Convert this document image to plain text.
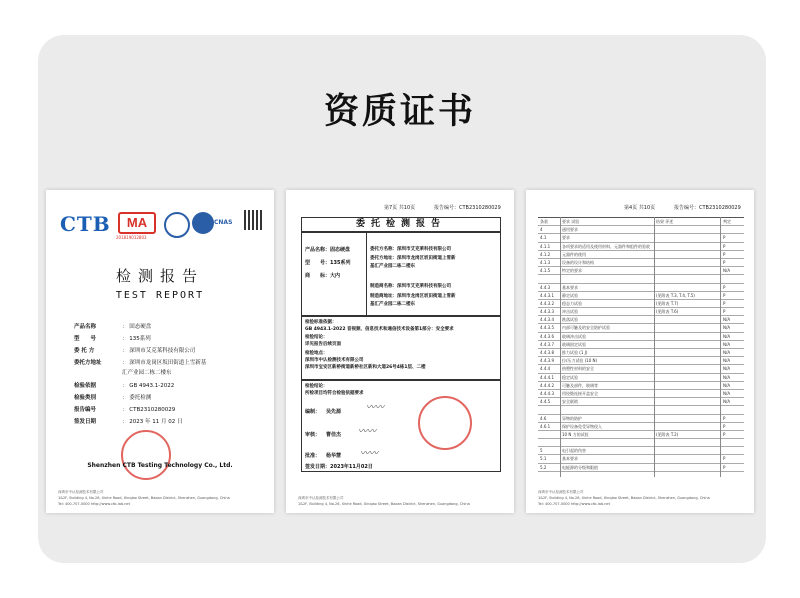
资质证书
CTB	MA
201819012803
CNAS
检测报告
TEST REPORT
产品名称	： 固态硬盘
型　　号	： 135系列
委 托 方	： 深圳市艾克莱科技有限公司
委托方地址	： 深圳市龙岗区坂田街道上雪新基
汇产业园二栋二楼东
检验依据	： GB 4943.1-2022
检验类别	： 委托检测
报告编号	： CTB2310280029
签发日期	： 2023 年 11 月 02 日
Shenzhen CTB Testing Technology Co., Ltd.
深圳市中认检测技术有限公司
1&2F, Building 4, No.26, Xinhe Road, Xinqiao Street, Baoan District, Shenzhen, Guangdong, China
Tel: 400-707-0000 http://www.ctb-lab.net
第7页 共10页	报告编号：CTB2310280029
委托检测报告
产品名称：固态硬盘
型　　号：135系列
商　　标：大内
委托方名称：深圳市艾克莱科技有限公司
委托方地址：深圳市龙岗区坂田街道上雪新
基汇产业园二栋二楼东
制造商名称：深圳市艾克莱科技有限公司
制造商地址：深圳市龙岗区坂田街道上雪新
基汇产业园二栋二楼东
检验标准依据：
GB 4943.1-2022 音视频、信息技术和通信技术设备第1部分：安全要求
检验结论：
详见报告后续页面
检验地点：
深圳市中认检测技术有限公司
深圳市宝安区新桥街道新桥社区新和大道26号4栋1层、二楼
检验结论：
所检项目均符合检验依据要求
编制： 吴先源	〰〰
审核： 曹佳杰 〰〰
批准： 杨华慧 〰〰
签发日期：2023年11月02日
深圳市中认检测技术有限公司
1&2F, Building 4, No.26, Xinhe Road, Xinqiao Street, Baoan District, Shenzhen, Guangdong, China
第4页 共10页	报告编号：CTB2310280029
条款	要求 试验	结果 评述	判定
4	通用要求
4.1	要求	P
4.1.1	各项要求的适用及使用材料、元器件和组件的验收	P
4.1.2	元器件的使用	P
4.1.3	设备的设计和结构	P
4.1.5	特定的要求	N/A
4.4.3	基本要求	P
4.4.3.1 静定试验	(见附表 T.3, T.4, T.5)	P
4.4.3.2 稳态力试验	(见附表 T.7)	P
4.4.3.3 冲击试验	(见附表 T.6)	P
4.4.3.4 跌落试验	N/A
4.4.3.5 内部可触及的安全防护试验	N/A
4.4.3.6 玻璃冲击试验	N/A
4.4.3.7 玻璃固定试验	N/A
4.4.3.8 推力试验 (1 J)	N/A
4.4.3.9 拉/压力试验 (10 N)	N/A
4.4.4	热塑性材料的安全	N/A
4.4.4.1 稳定试验	N/A
4.4.4.2 可触及部件，玻璃等	N/A
4.4.4.3 用铰链连接开盖安全	N/A
4.4.5	安全联锁	N/A
4.6	异物的防护	P
4.6.1	保护设备免受异物侵入	P
10 N 力的试验	(见附表 T.2)	P
5	电引起的伤害
5.1	基本要求	P
5.2	电能源的分级和限值	P
深圳市中认检测技术有限公司
1&2F, Building 4, No.26, Xinhe Road, Xinqiao Street, Baoan District, Shenzhen, Guangdong, China
Tel: 400-707-0000 http://www.ctb-lab.net
